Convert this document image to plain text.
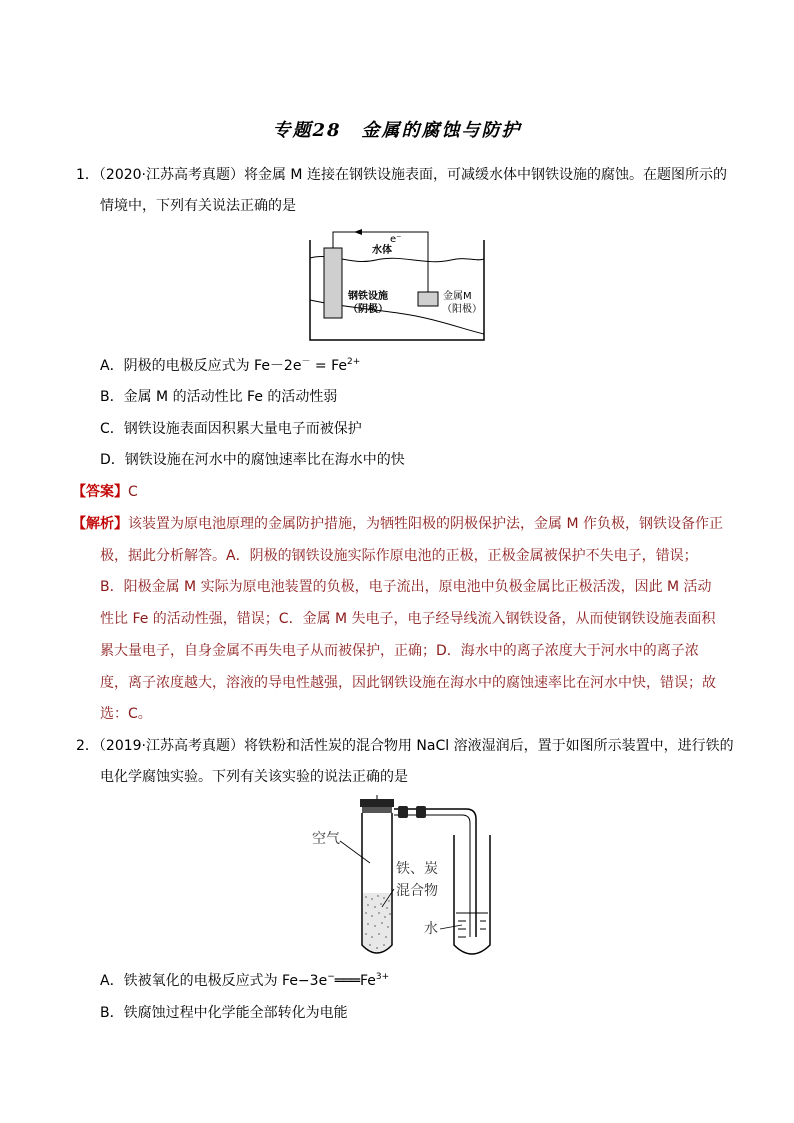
专题28　金属的腐蚀与防护
1．（2020·江苏高考真题）将金属 M 连接在钢铁设施表面，可减缓水体中钢铁设施的腐蚀。在题图所示的
情境中，下列有关说法正确的是
e⁻
水体
钢铁设施
（阴极）
金属M
（阳极）
A．阴极的电极反应式为 $Fe-2e^- = Fe^{2+}$
B．金属 M 的活动性比 Fe 的活动性弱
C．钢铁设施表面因积累大量电子而被保护
D．钢铁设施在河水中的腐蚀速率比在海水中的快
【答案】C
【解析】该装置为原电池原理的金属防护措施，为牺牲阳极的阴极保护法，金属 M 作负极，钢铁设备作正
极，据此分析解答。A．阴极的钢铁设施实际作原电池的正极，正极金属被保护不失电子，错误；
B．阳极金属 M 实际为原电池装置的负极，电子流出，原电池中负极金属比正极活泼，因此 M 活动
性比 Fe 的活动性强，错误；C．金属 M 失电子，电子经导线流入钢铁设备，从而使钢铁设施表面积
累大量电子，自身金属不再失电子从而被保护，正确；D．海水中的离子浓度大于河水中的离子浓
度，离子浓度越大，溶液的导电性越强，因此钢铁设施在海水中的腐蚀速率比在河水中快，错误；故
选：C。
2．（2019·江苏高考真题）将铁粉和活性炭的混合物用 NaCl 溶液湿润后，置于如图所示装置中，进行铁的
电化学腐蚀实验。下列有关该实验的说法正确的是
空气
铁、炭
混合物
水
A．铁被氧化的电极反应式为 $Fe-3e^-═══Fe^{3+}$
B．铁腐蚀过程中化学能全部转化为电能
